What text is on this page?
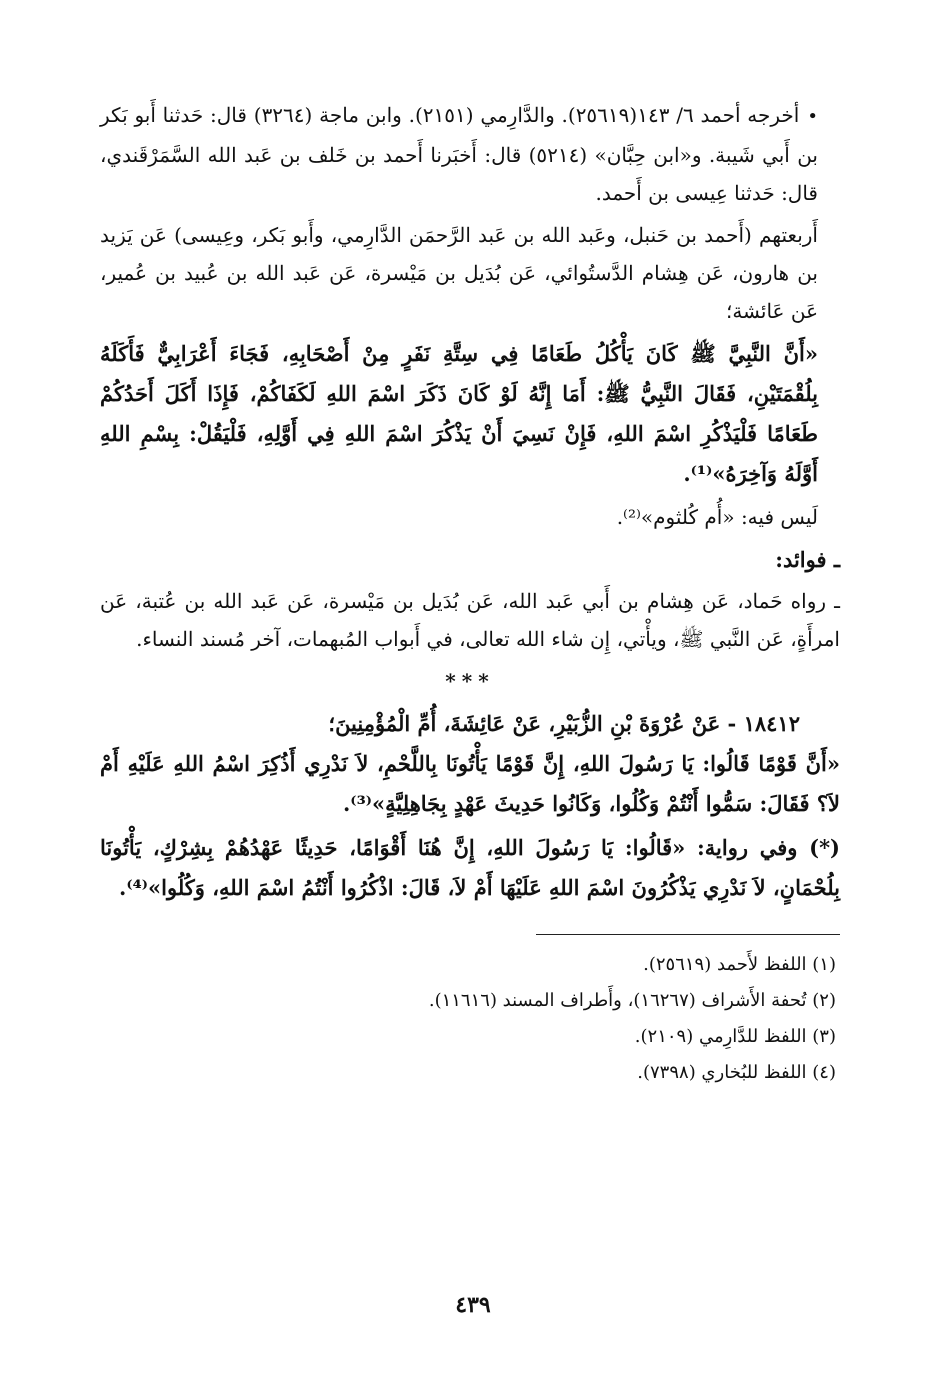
•أخرجه أحمد ٦/ ١٤٣(٢٥٦١٩). والدَّارِمي (٢١٥١). وابن ماجة (٣٢٦٤) قال: حَدثنا أَبو بَكر بن أَبي شَيبة. و«ابن حِبَّان» (٥٢١٤) قال: أَخبَرنا أَحمد بن خَلف بن عَبد الله السَّمَرْقَندي، قال: حَدثنا عِيسى بن أَحمد.

أَربعتهم (أَحمد بن حَنبل، وعَبد الله بن عَبد الرَّحمَن الدَّارِمي، وأَبو بَكر، وعِيسى) عَن يَزيد بن هارون، عَن هِشام الدَّستُوائي، عَن بُدَيل بن مَيْسرة، عَن عَبد الله بن عُبيد بن عُمير، عَن عَائشة؛

«أَنَّ النَّبِيَّ ﷺ كَانَ يَأْكُلُ طَعَامًا فِي سِتَّةِ نَفَرٍ مِنْ أَصْحَابِهِ، فَجَاءَ أَعْرَابِيٌّ فَأَكَلَهُ بِلُقْمَتَيْنِ، فَقَالَ النَّبِيُّ ﷺ: أَمَا إِنَّهُ لَوْ كَانَ ذَكَرَ اسْمَ اللهِ لَكَفَاكُمْ، فَإِذَا أَكَلَ أَحَدُكُمْ طَعَامًا فَلْيَذْكُرِ اسْمَ اللهِ، فَإِنْ نَسِيَ أَنْ يَذْكُرَ اسْمَ اللهِ فِي أَوَّلِهِ، فَلْيَقُلْ: بِسْمِ اللهِ أَوَّلَهُ وَآخِرَهُ»⁽¹⁾.

لَيس فيه: «أُم كُلثوم»⁽²⁾.

ـ فوائد:

ـ رواه حَماد، عَن هِشام بن أَبي عَبد الله، عَن بُدَيل بن مَيْسرة، عَن عَبد الله بن عُتبة، عَن امرأَةٍ، عَن النَّبي ﷺ، ويأْتي، إِن شاء الله تعالى، في أَبواب المُبهمات، آخر مُسند النساء.

***
١٨٤١٢ - عَنْ عُرْوَةَ بْنِ الزُّبَيْرِ، عَنْ عَائِشَةَ، أُمِّ الْمُؤْمِنِينَ؛

«أَنَّ قَوْمًا قَالُوا: يَا رَسُولَ اللهِ، إِنَّ قَوْمًا يَأْتُونَا بِاللَّحْمِ، لاَ نَدْرِي أَذُكِرَ اسْمُ اللهِ عَلَيْهِ أَمْ لاَ؟ فَقَالَ: سَمُّوا أَنْتُمْ وَكُلُوا، وَكَانُوا حَدِيثَ عَهْدٍ بِجَاهِلِيَّةٍ»⁽³⁾.

(*) وفي رواية: «قَالُوا: يَا رَسُولَ اللهِ، إِنَّ هُنَا أَقْوَامًا، حَدِيثًا عَهْدُهُمْ بِشِرْكٍ، يَأْتُونَا بِلُحْمَانٍ، لاَ نَدْرِي يَذْكُرُونَ اسْمَ اللهِ عَلَيْهَا أَمْ لاَ، قَالَ: اذْكُرُوا أَنْتُمُ اسْمَ اللهِ، وَكُلُوا»⁽⁴⁾.

(١) اللفظ لأَحمد (٢٥٦١٩).
(٢) تُحفة الأَشراف (١٦٢٦٧)، وأَطراف المسند (١١٦١٦).
(٣) اللفظ للدَّارِمي (٢١٠٩).
(٤) اللفظ للبُخاري (٧٣٩٨).
٤٣٩
